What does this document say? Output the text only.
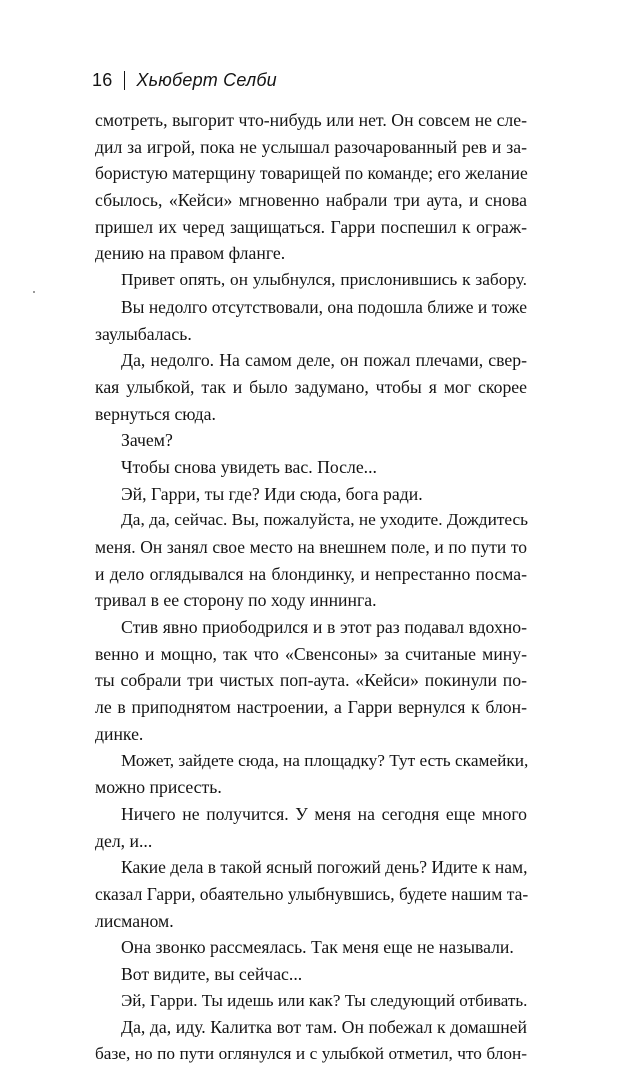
16 Хьюберт Селби
смотреть, выгорит что-нибудь или нет. Он совсем не сле-
дил за игрой, пока не услышал разочарованный рев и за-
бористую матерщину товарищей по команде; его желание
сбылось, «Кейси» мгновенно набрали три аута, и снова
пришел их черед защищаться. Гарри поспешил к ограж-
дению на правом фланге.
Привет опять, он улыбнулся, прислонившись к забору.
Вы недолго отсутствовали, она подошла ближе и тоже
заулыбалась.
Да, недолго. На самом деле, он пожал плечами, свер-
кая улыбкой, так и было задумано, чтобы я мог скорее
вернуться сюда.
Зачем?
Чтобы снова увидеть вас. После...
Эй, Гарри, ты где? Иди сюда, бога ради.
Да, да, сейчас. Вы, пожалуйста, не уходите. Дождитесь
меня. Он занял свое место на внешнем поле, и по пути то
и дело оглядывался на блондинку, и непрестанно посма-
тривал в ее сторону по ходу иннинга.
Стив явно приободрился и в этот раз подавал вдохно-
венно и мощно, так что «Свенсоны» за считаные мину-
ты собрали три чистых поп-аута. «Кейси» покинули по-
ле в приподнятом настроении, а Гарри вернулся к блон-
динке.
Может, зайдете сюда, на площадку? Тут есть скамейки,
можно присесть.
Ничего не получится. У меня на сегодня еще много
дел, и...
Какие дела в такой ясный погожий день? Идите к нам,
сказал Гарри, обаятельно улыбнувшись, будете нашим та-
лисманом.
Она звонко рассмеялась. Так меня еще не называли.
Вот видите, вы сейчас...
Эй, Гарри. Ты идешь или как? Ты следующий отбивать.
Да, да, иду. Калитка вот там. Он побежал к домашней
базе, но по пути оглянулся и с улыбкой отметил, что блон-
